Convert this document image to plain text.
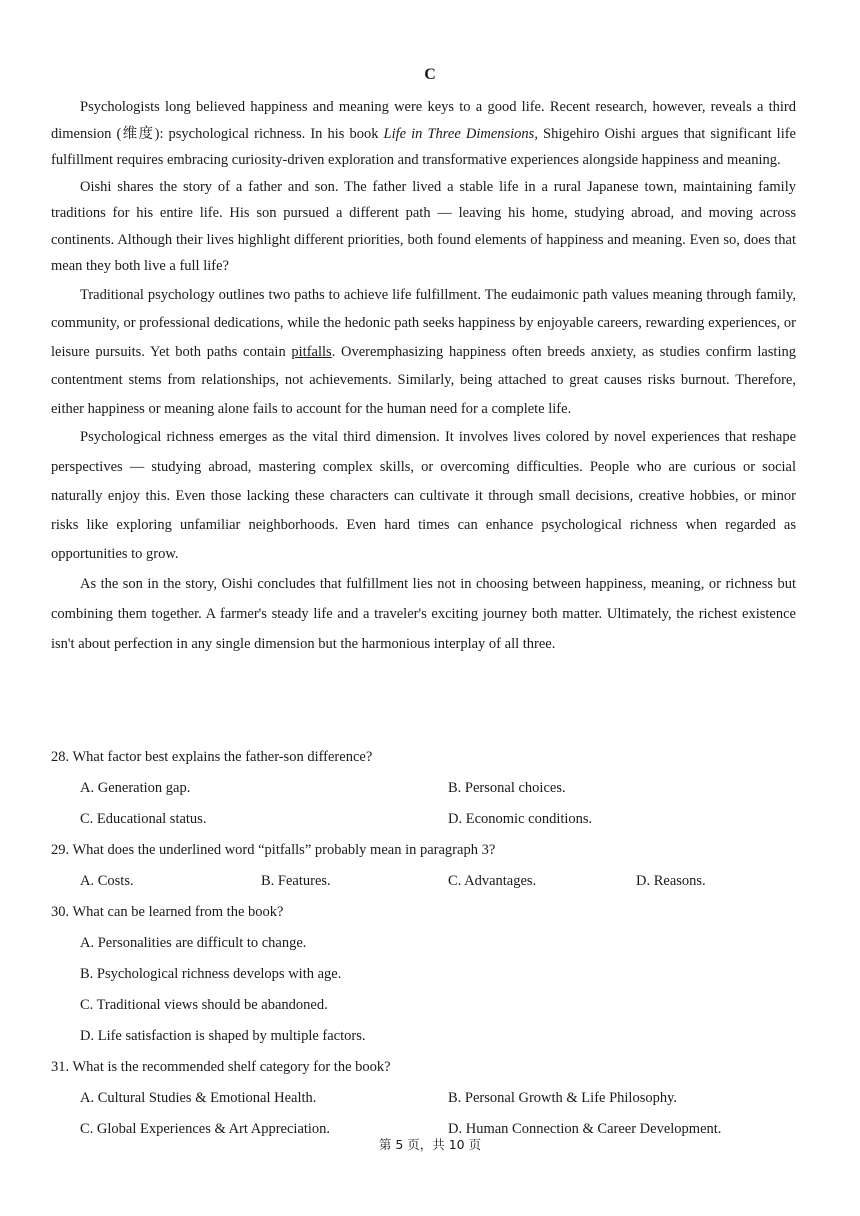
C

Psychologists long believed happiness and meaning were keys to a good life. Recent research, however, reveals a third dimension (维度): psychological richness. In his book Life in Three Dimensions, Shigehiro Oishi argues that significant life fulfillment requires embracing curiosity-driven exploration and transformative experiences alongside happiness and meaning.

Oishi shares the story of a father and son. The father lived a stable life in a rural Japanese town, maintaining family traditions for his entire life. His son pursued a different path — leaving his home, studying abroad, and moving across continents. Although their lives highlight different priorities, both found elements of happiness and meaning. Even so, does that mean they both live a full life?

Traditional psychology outlines two paths to achieve life fulfillment. The eudaimonic path values meaning through family, community, or professional dedications, while the hedonic path seeks happiness by enjoyable careers, rewarding experiences, or leisure pursuits. Yet both paths contain pitfalls. Overemphasizing happiness often breeds anxiety, as studies confirm lasting contentment stems from relationships, not achievements. Similarly, being attached to great causes risks burnout. Therefore, either happiness or meaning alone fails to account for the human need for a complete life.

Psychological richness emerges as the vital third dimension. It involves lives colored by novel experiences that reshape perspectives — studying abroad, mastering complex skills, or overcoming difficulties. People who are curious or social naturally enjoy this. Even those lacking these characters can cultivate it through small decisions, creative hobbies, or minor risks like exploring unfamiliar neighborhoods. Even hard times can enhance psychological richness when regarded as opportunities to grow.

As the son in the story, Oishi concludes that fulfillment lies not in choosing between happiness, meaning, or richness but combining them together. A farmer's steady life and a traveler's exciting journey both matter. Ultimately, the richest existence isn't about perfection in any single dimension but the harmonious interplay of all three.

28. What factor best explains the father-son difference?
A. Generation gap.	B. Personal choices.
C. Educational status.	D. Economic conditions.
29. What does the underlined word “pitfalls” probably mean in paragraph 3?
A. Costs.	B. Features.	C. Advantages.	D. Reasons.
30. What can be learned from the book?
A. Personalities are difficult to change.
B. Psychological richness develops with age.
C. Traditional views should be abandoned.
D. Life satisfaction is shaped by multiple factors.
31. What is the recommended shelf category for the book?
A. Cultural Studies & Emotional Health.	B. Personal Growth & Life Philosophy.
C. Global Experiences & Art Appreciation.	D. Human Connection & Career Development.
第 5 页，共 10 页
